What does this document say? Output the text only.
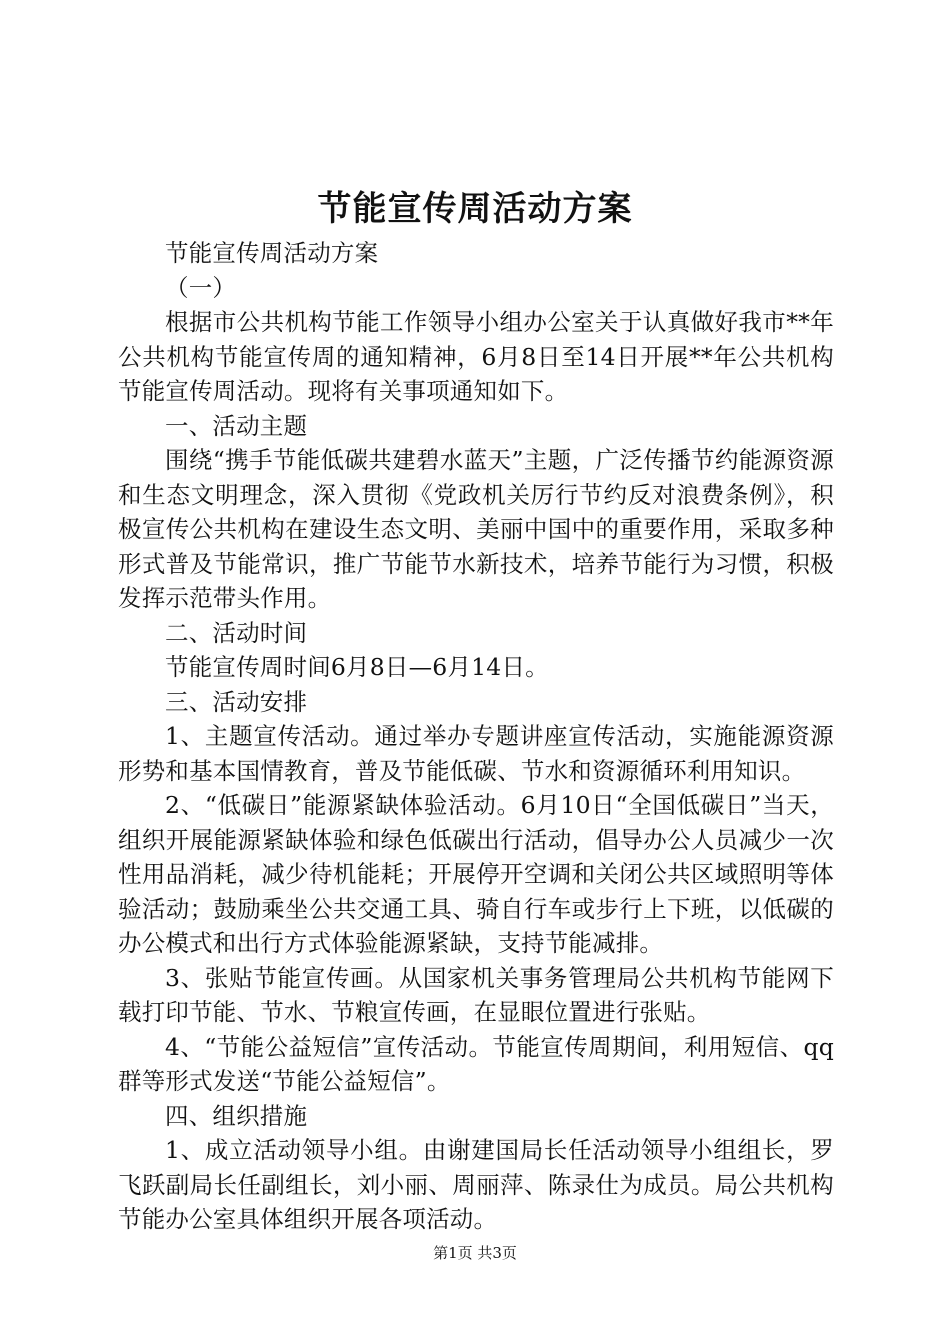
节能宣传周活动方案

节能宣传周活动方案

（一）

根据市公共机构节能工作领导小组办公室关于认真做好我市**年公共机构节能宣传周的通知精神，6月8日至14日开展**年公共机构节能宣传周活动。现将有关事项通知如下。

一、活动主题

围绕“携手节能低碳共建碧水蓝天”主题，广泛传播节约能源资源和生态文明理念，深入贯彻《党政机关厉行节约反对浪费条例》，积极宣传公共机构在建设生态文明、美丽中国中的重要作用，采取多种形式普及节能常识，推广节能节水新技术，培养节能行为习惯，积极发挥示范带头作用。

二、活动时间

节能宣传周时间6月8日—6月14日。

三、活动安排

1、主题宣传活动。通过举办专题讲座宣传活动，实施能源资源形势和基本国情教育，普及节能低碳、节水和资源循环利用知识。

2、“低碳日”能源紧缺体验活动。6月10日“全国低碳日”当天，组织开展能源紧缺体验和绿色低碳出行活动，倡导办公人员减少一次性用品消耗，减少待机能耗；开展停开空调和关闭公共区域照明等体验活动；鼓励乘坐公共交通工具、骑自行车或步行上下班，以低碳的办公模式和出行方式体验能源紧缺，支持节能减排。

3、张贴节能宣传画。从国家机关事务管理局公共机构节能网下载打印节能、节水、节粮宣传画，在显眼位置进行张贴。

4、“节能公益短信”宣传活动。节能宣传周期间，利用短信、qq群等形式发送“节能公益短信”。

四、组织措施

1、成立活动领导小组。由谢建国局长任活动领导小组组长，罗飞跃副局长任副组长，刘小丽、周丽萍、陈录仕为成员。局公共机构节能办公室具体组织开展各项活动。

第1页 共3页
